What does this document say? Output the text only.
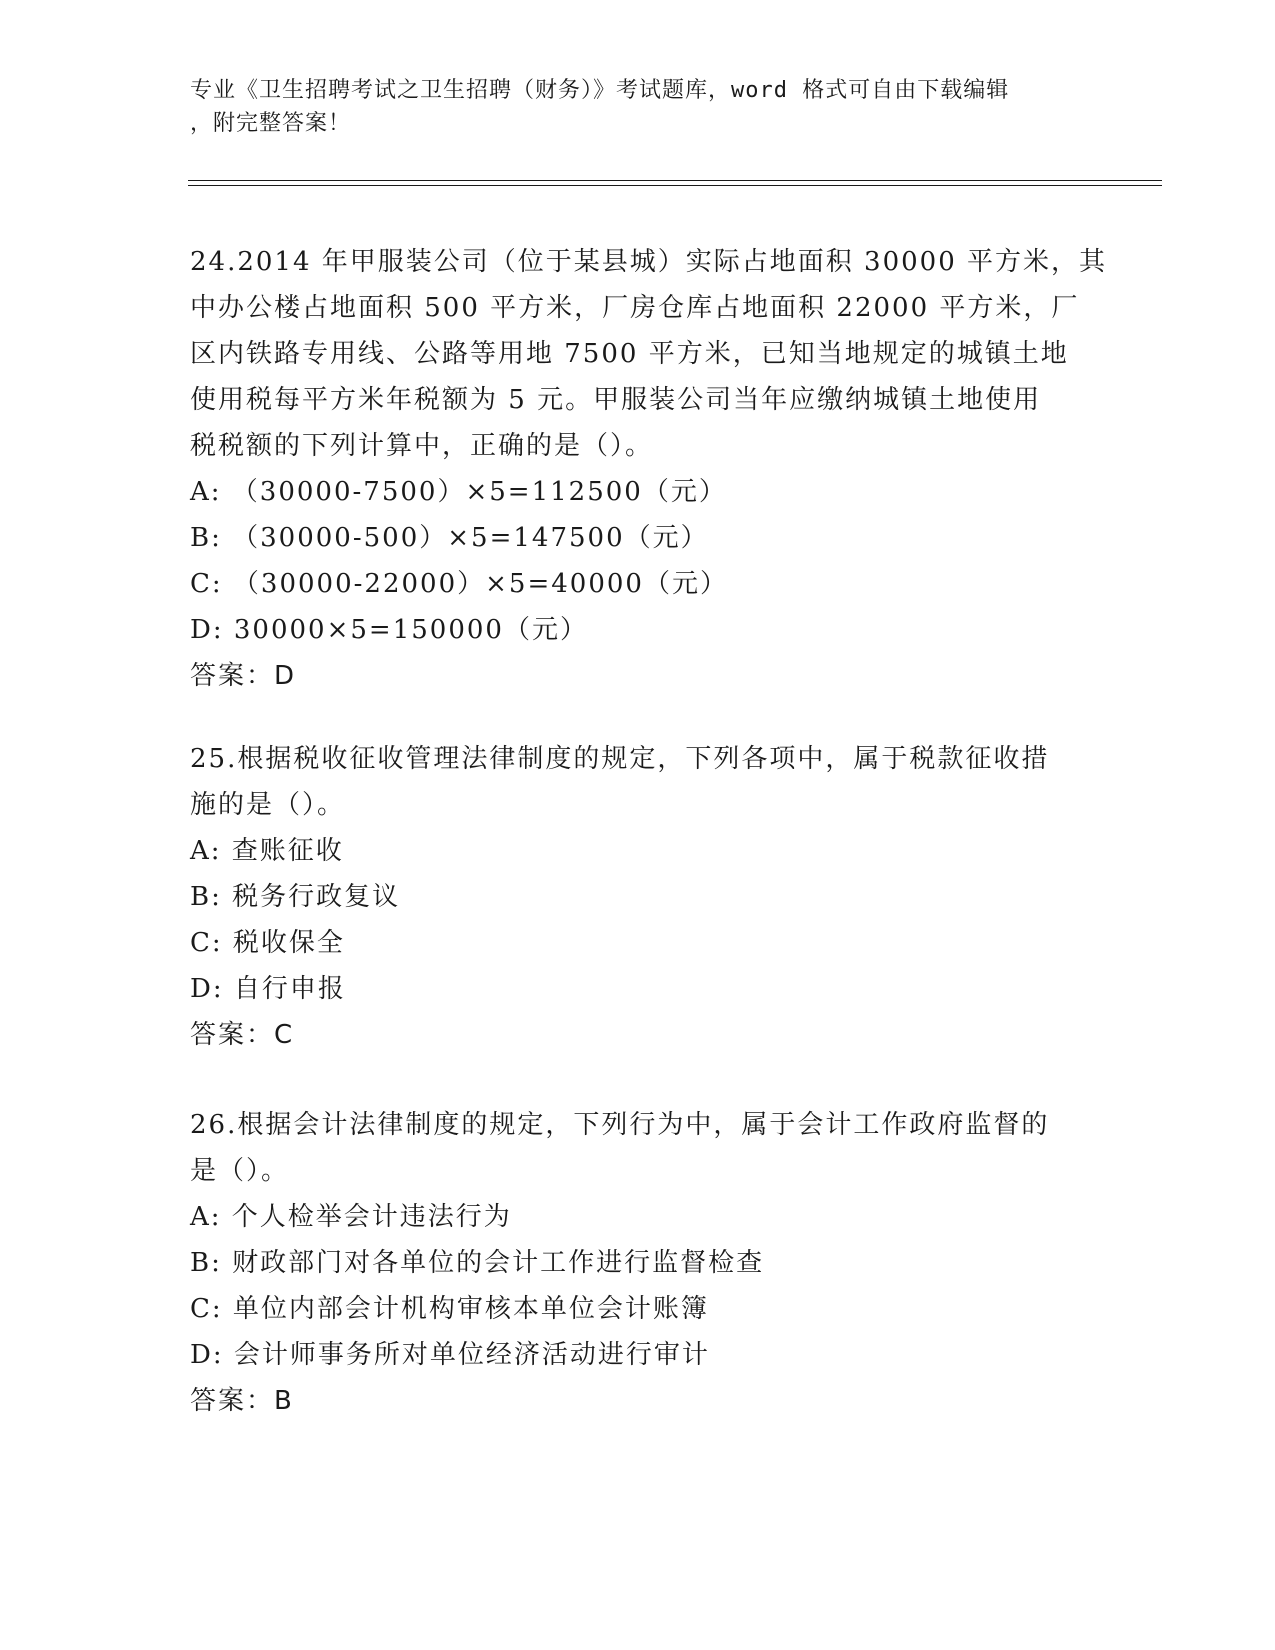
专业《卫生招聘考试之卫生招聘（财务）》考试题库，word 格式可自由下载编辑
，附完整答案！
24.2014 年甲服装公司（位于某县城）实际占地面积 30000 平方米，其
中办公楼占地面积 500 平方米，厂房仓库占地面积 22000 平方米，厂
区内铁路专用线、公路等用地 7500 平方米，已知当地规定的城镇土地
使用税每平方米年税额为 5 元。甲服装公司当年应缴纳城镇土地使用
税税额的下列计算中，正确的是（）。
A: （30000-7500）×5=112500（元）
B: （30000-500）×5=147500（元）
C: （30000-22000）×5=40000（元）
D: 30000×5=150000（元）
答案：D
25.根据税收征收管理法律制度的规定，下列各项中，属于税款征收措
施的是（）。
A: 查账征收
B: 税务行政复议
C: 税收保全
D: 自行申报
答案：C
26.根据会计法律制度的规定，下列行为中，属于会计工作政府监督的
是（）。
A: 个人检举会计违法行为
B: 财政部门对各单位的会计工作进行监督检查
C: 单位内部会计机构审核本单位会计账簿
D: 会计师事务所对单位经济活动进行审计
答案：B
